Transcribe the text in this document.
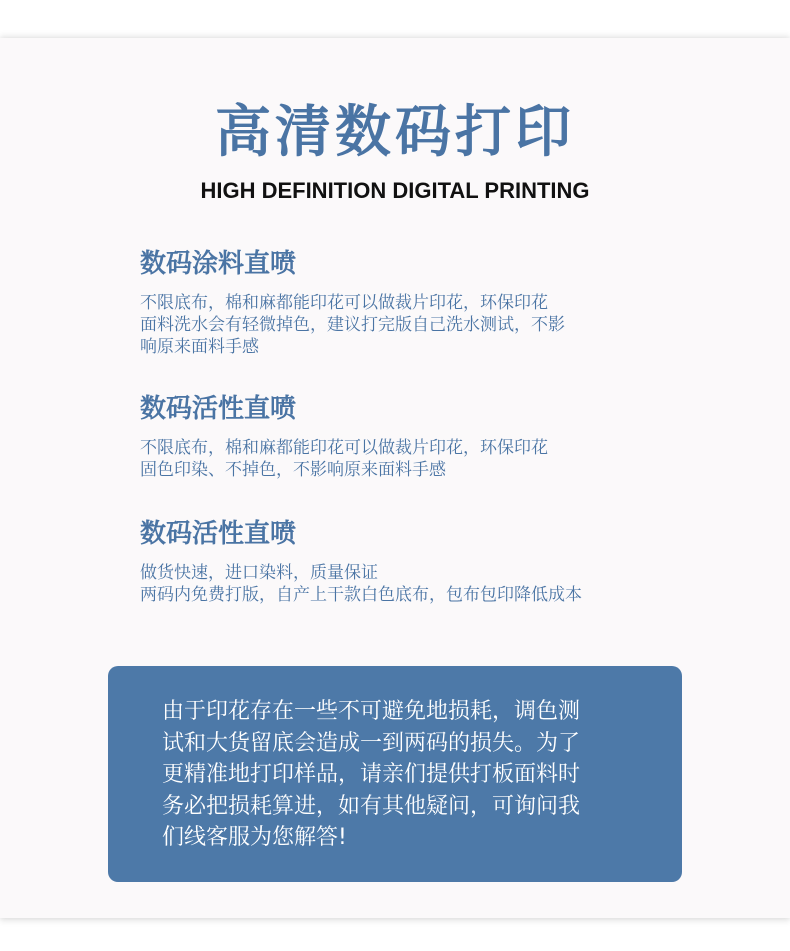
高清数码打印
HIGH DEFINITION DIGITAL PRINTING
数码涂料直喷
不限底布，棉和麻都能印花可以做裁片印花，环保印花
面料洗水会有轻微掉色，建议打完版自己洗水测试，不影
响原来面料手感
数码活性直喷
不限底布，棉和麻都能印花可以做裁片印花，环保印花
固色印染、不掉色，不影响原来面料手感
数码活性直喷
做货快速，进口染料，质量保证
两码内免费打版，自产上干款白色底布，包布包印降低成本
由于印花存在一些不可避免地损耗，调色测
试和大货留底会造成一到两码的损失。为了
更精准地打印样品，请亲们提供打板面料时
务必把损耗算进，如有其他疑问，可询问我
们线客服为您解答!
